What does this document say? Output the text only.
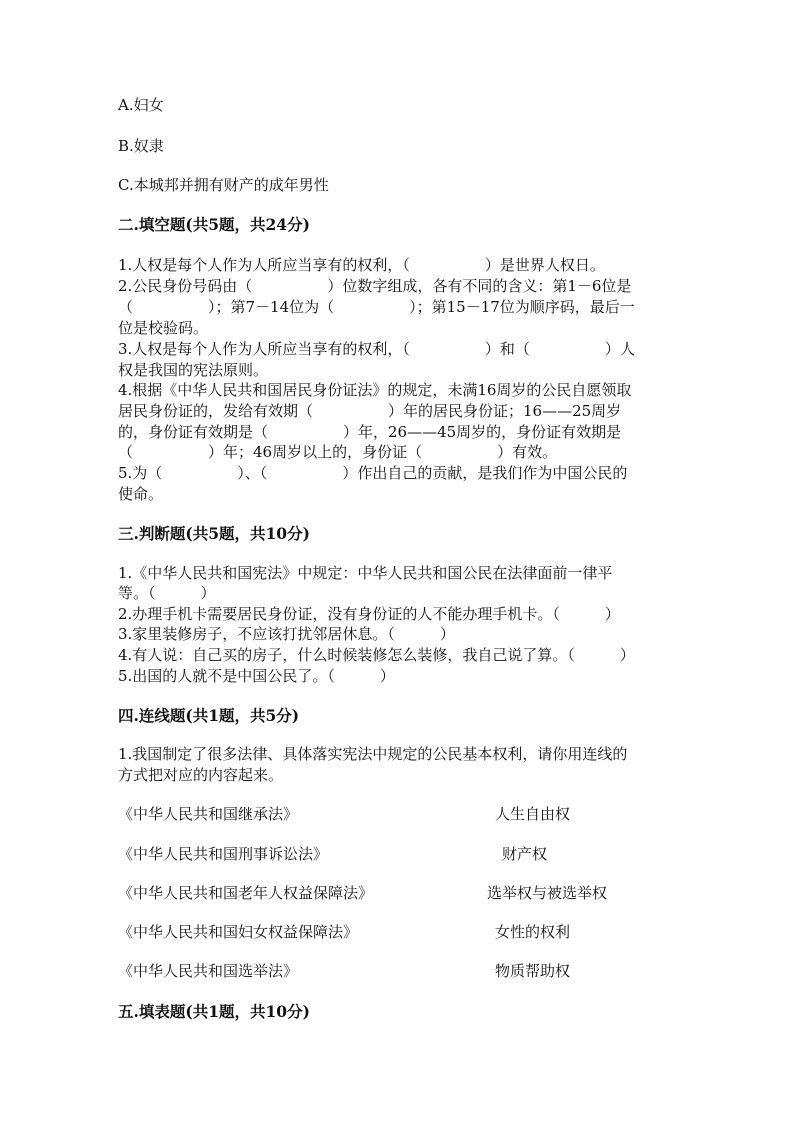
A.妇女
B.奴隶
C.本城邦并拥有财产的成年男性
二.填空题(共5题，共24分)
1.人权是每个人作为人所应当享有的权利，（　　　　　）是世界人权日。
2.公民身份号码由（　　　　　）位数字组成，各有不同的含义：第1－6位是
（　　　　　）；第7－14位为（　　　　　）；第15－17位为顺序码，最后一
位是校验码。
3.人权是每个人作为人所应当享有的权利，（　　　　　）和（　　　　　）人
权是我国的宪法原则。
4.根据《中华人民共和国居民身份证法》的规定，未满16周岁的公民自愿领取
居民身份证的，发给有效期（　　　　　）年的居民身份证；16——25周岁
的，身份证有效期是（　　　　　）年，26——45周岁的，身份证有效期是
（　　　　　）年；46周岁以上的，身份证（　　　　　）有效。
5.为（　　　　　）、（　　　　　）作出自己的贡献，是我们作为中国公民的
使命。
三.判断题(共5题，共10分)
1.《中华人民共和国宪法》中规定：中华人民共和国公民在法律面前一律平
等。（　　　）
2.办理手机卡需要居民身份证，没有身份证的人不能办理手机卡。（　　　）
3.家里装修房子，不应该打扰邻居休息。（　　　）
4.有人说：自己买的房子，什么时候装修怎么装修，我自己说了算。（　　　）
5.出国的人就不是中国公民了。（　　　）
四.连线题(共1题，共5分)
1.我国制定了很多法律、具体落实宪法中规定的公民基本权利，请你用连线的
方式把对应的内容起来。
《中华人民共和国继承法》	人生自由权
《中华人民共和国刑事诉讼法》	财产权
《中华人民共和国老年人权益保障法》	选举权与被选举权
《中华人民共和国妇女权益保障法》	女性的权利
《中华人民共和国选举法》	物质帮助权
五.填表题(共1题，共10分)
